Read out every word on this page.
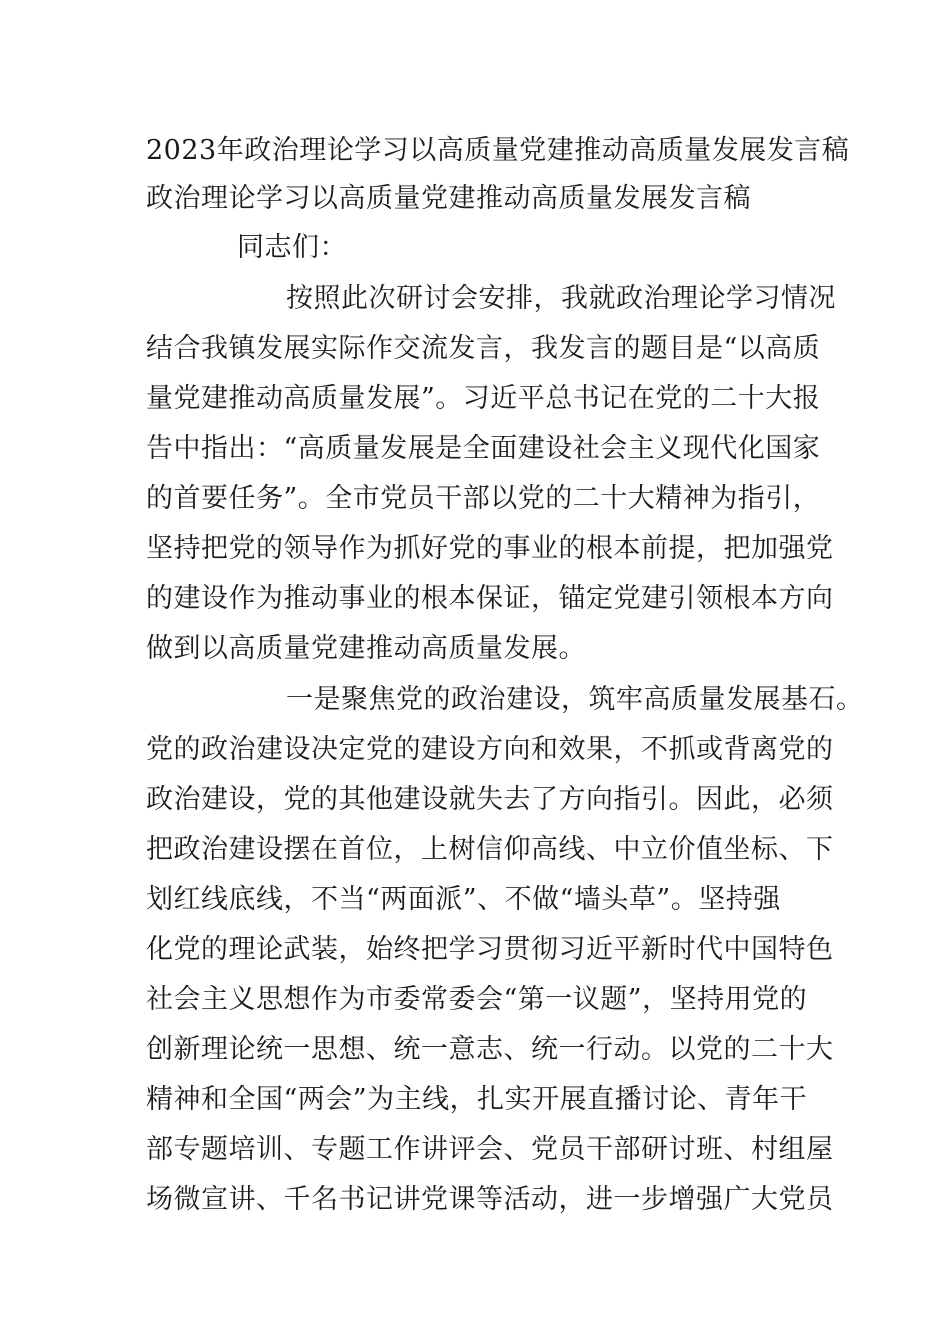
2023年政治理论学习以高质量党建推动高质量发展发言稿
政治理论学习以高质量党建推动高质量发展发言稿
同志们：
按照此次研讨会安排，我就政治理论学习情况
结合我镇发展实际作交流发言，我发言的题目是“以高质
量党建推动高质量发展”。习近平总书记在党的二十大报
告中指出：“高质量发展是全面建设社会主义现代化国家
的首要任务”。全市党员干部以党的二十大精神为指引，
坚持把党的领导作为抓好党的事业的根本前提，把加强党
的建设作为推动事业的根本保证，锚定党建引领根本方向
做到以高质量党建推动高质量发展。
一是聚焦党的政治建设，筑牢高质量发展基石。
党的政治建设决定党的建设方向和效果，不抓或背离党的
政治建设，党的其他建设就失去了方向指引。因此，必须
把政治建设摆在首位，上树信仰高线、中立价值坐标、下
划红线底线，不当“两面派”、不做“墙头草”。坚持强
化党的理论武装，始终把学习贯彻习近平新时代中国特色
社会主义思想作为市委常委会“第一议题”，坚持用党的
创新理论统一思想、统一意志、统一行动。以党的二十大
精神和全国“两会”为主线，扎实开展直播讨论、青年干
部专题培训、专题工作讲评会、党员干部研讨班、村组屋
场微宣讲、千名书记讲党课等活动，进一步增强广大党员
